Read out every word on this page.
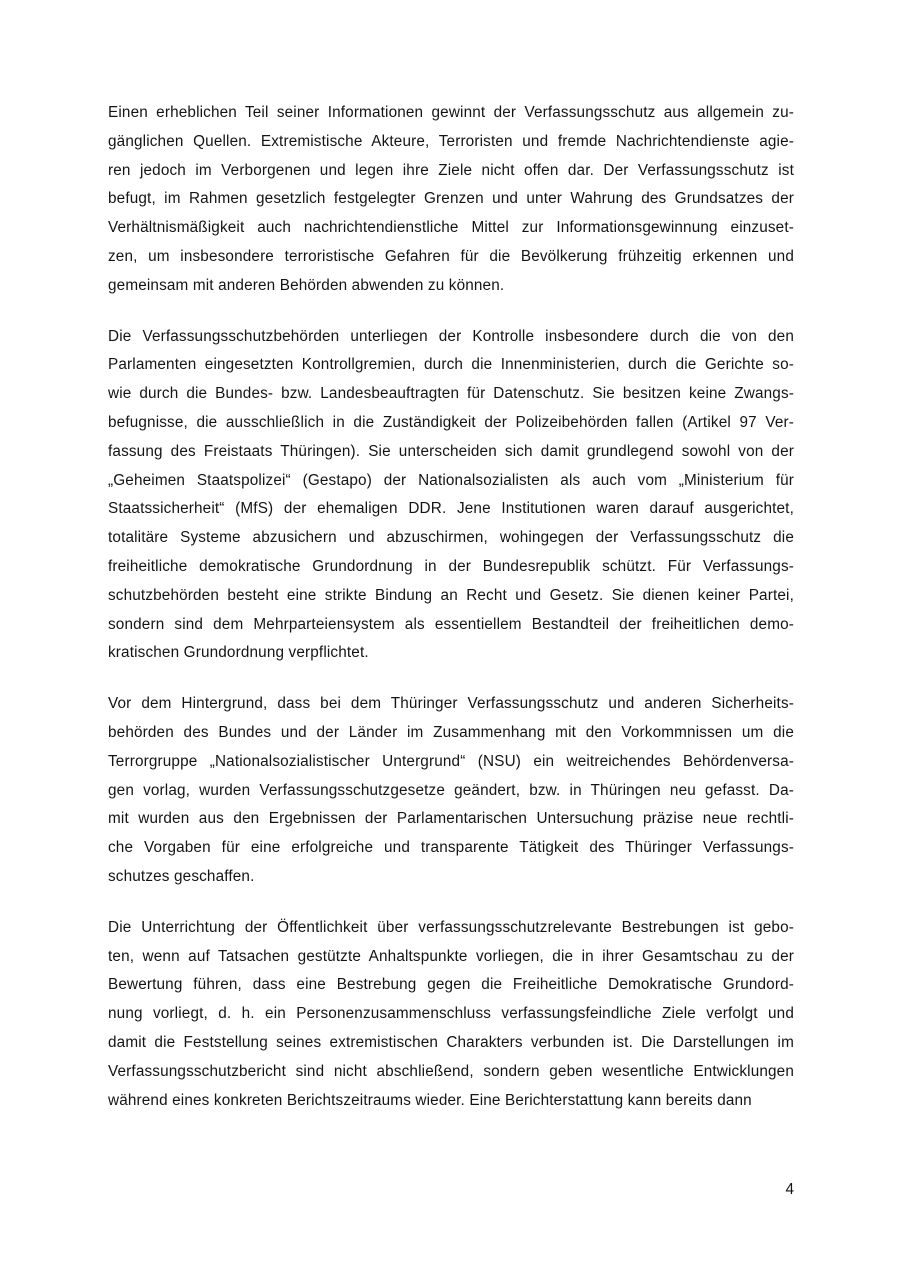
Einen erheblichen Teil seiner Informationen gewinnt der Verfassungsschutz aus allgemein zu-
gänglichen Quellen. Extremistische Akteure, Terroristen und fremde Nachrichtendienste agie-
ren jedoch im Verborgenen und legen ihre Ziele nicht offen dar. Der Verfassungsschutz ist
befugt, im Rahmen gesetzlich festgelegter Grenzen und unter Wahrung des Grundsatzes der
Verhältnismäßigkeit auch nachrichtendienstliche Mittel zur Informationsgewinnung einzuset-
zen, um insbesondere terroristische Gefahren für die Bevölkerung frühzeitig erkennen und
gemeinsam mit anderen Behörden abwenden zu können.

Die Verfassungsschutzbehörden unterliegen der Kontrolle insbesondere durch die von den
Parlamenten eingesetzten Kontrollgremien, durch die Innenministerien, durch die Gerichte so-
wie durch die Bundes- bzw. Landesbeauftragten für Datenschutz. Sie besitzen keine Zwangs-
befugnisse, die ausschließlich in die Zuständigkeit der Polizeibehörden fallen (Artikel 97 Ver-
fassung des Freistaats Thüringen). Sie unterscheiden sich damit grundlegend sowohl von der
„Geheimen Staatspolizei“ (Gestapo) der Nationalsozialisten als auch vom „Ministerium für
Staatssicherheit“ (MfS) der ehemaligen DDR. Jene Institutionen waren darauf ausgerichtet,
totalitäre Systeme abzusichern und abzuschirmen, wohingegen der Verfassungsschutz die
freiheitliche demokratische Grundordnung in der Bundesrepublik schützt. Für Verfassungs-
schutzbehörden besteht eine strikte Bindung an Recht und Gesetz. Sie dienen keiner Partei,
sondern sind dem Mehrparteiensystem als essentiellem Bestandteil der freiheitlichen demo-
kratischen Grundordnung verpflichtet.

Vor dem Hintergrund, dass bei dem Thüringer Verfassungsschutz und anderen Sicherheits-
behörden des Bundes und der Länder im Zusammenhang mit den Vorkommnissen um die
Terrorgruppe „Nationalsozialistischer Untergrund“ (NSU) ein weitreichendes Behördenversa-
gen vorlag, wurden Verfassungsschutzgesetze geändert, bzw. in Thüringen neu gefasst. Da-
mit wurden aus den Ergebnissen der Parlamentarischen Untersuchung präzise neue rechtli-
che Vorgaben für eine erfolgreiche und transparente Tätigkeit des Thüringer Verfassungs-
schutzes geschaffen.

Die Unterrichtung der Öffentlichkeit über verfassungsschutzrelevante Bestrebungen ist gebo-
ten, wenn auf Tatsachen gestützte Anhaltspunkte vorliegen, die in ihrer Gesamtschau zu der
Bewertung führen, dass eine Bestrebung gegen die Freiheitliche Demokratische Grundord-
nung vorliegt, d. h. ein Personenzusammenschluss verfassungsfeindliche Ziele verfolgt und
damit die Feststellung seines extremistischen Charakters verbunden ist. Die Darstellungen im
Verfassungsschutzbericht sind nicht abschließend, sondern geben wesentliche Entwicklungen
während eines konkreten Berichtszeitraums wieder. Eine Berichterstattung kann bereits dann

4
